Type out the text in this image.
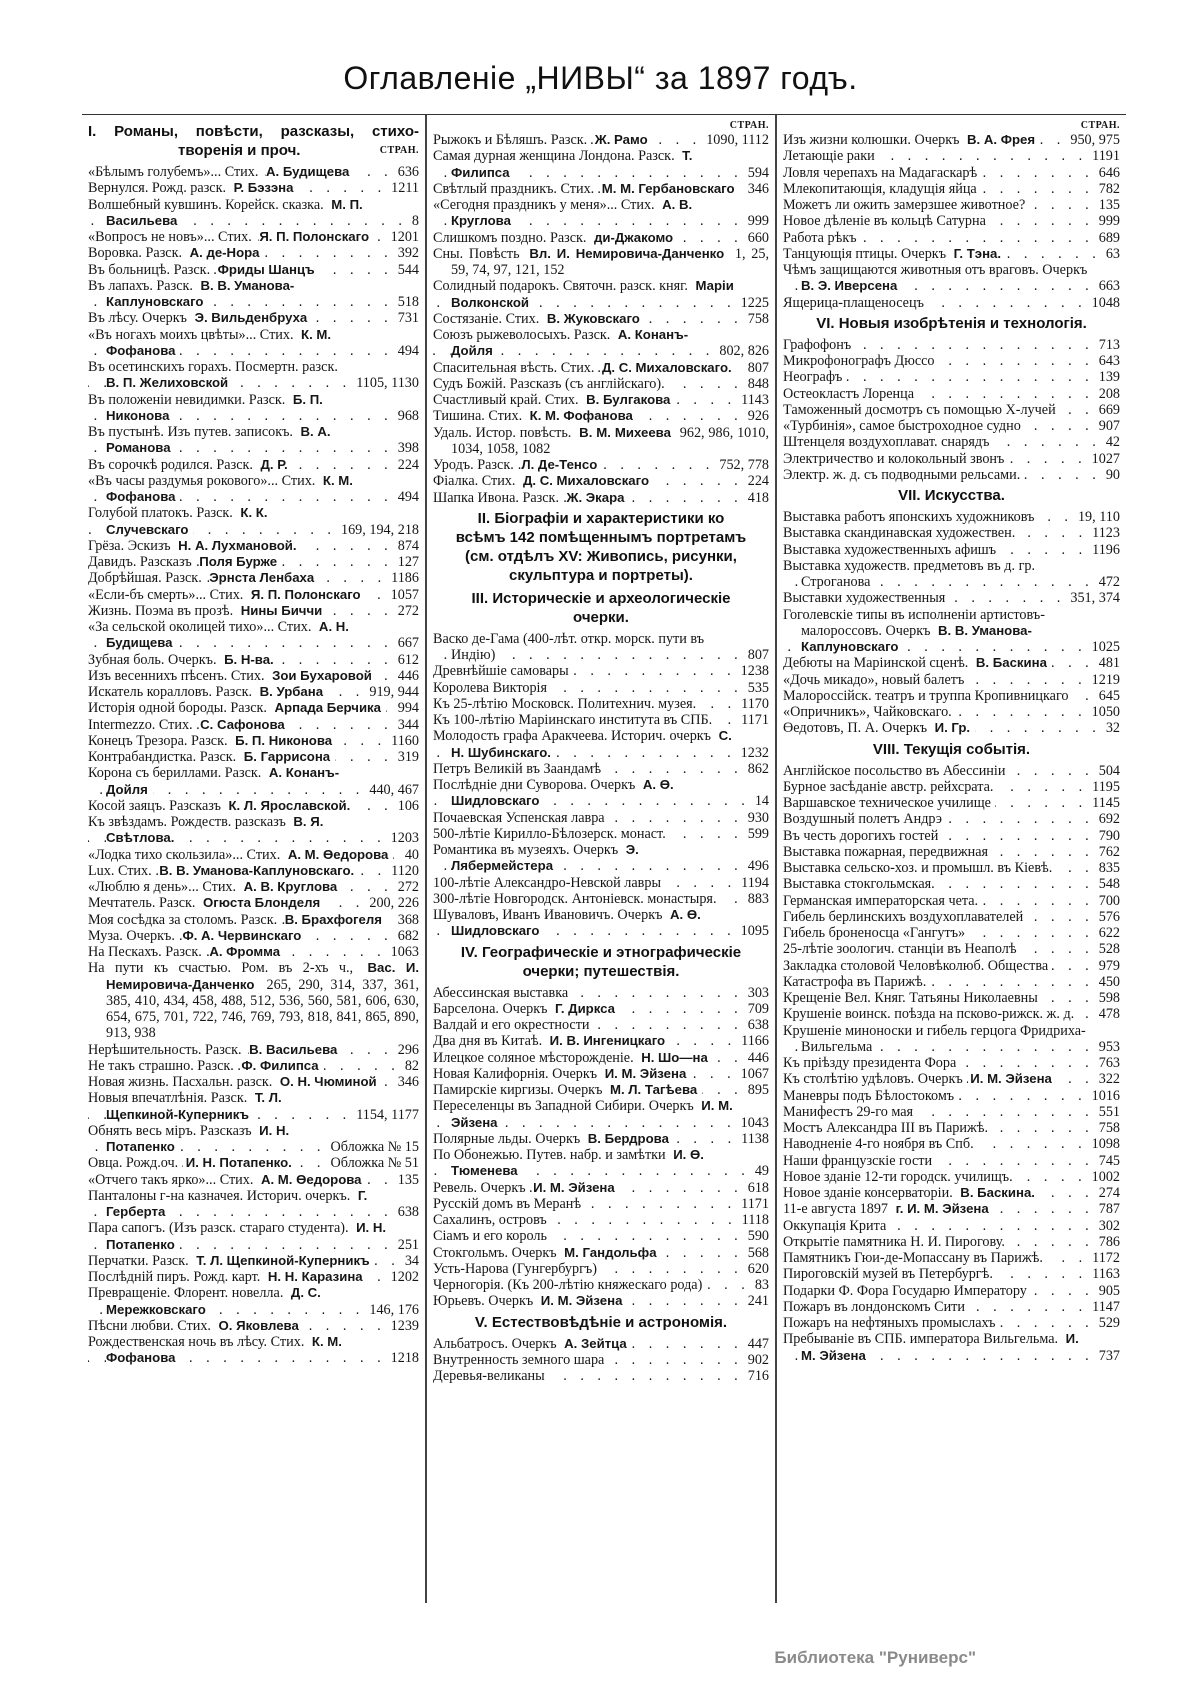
Оглавленіе „НИВЫ“ за 1897 годъ.
I. Романы, повѣсти, разсказы, стихо-
творенія и проч.	СТРАН.
«Бѣлымъ голубемъ»... Стих. А. Будищева . . .	636
Вернулся. Рожд. разск. Р. Бэзэна . . .	1211
Волшебный кувшинъ. Корейск. сказка. М. П. Васильева . . .	8
«Вопросъ не новъ»... Стих. Я. П. Полонскаго . . .	1201
Воровка. Разск. А. де-Нора . . .	392
Въ больницѣ. Разск. Фриды Шанцъ . . .	544
Въ лапахъ. Разск. В. В. Уманова-Каплуновскаго . . .	518
Въ лѣсу. Очеркъ Э. Вильденбруха . . .	731
«Въ ногахъ моихъ цвѣты»... Стих. К. М. Фофанова . . .	494
Въ осетинскихъ горахъ. Посмертн. разск. В. П. Желиховской . . .	1105, 1130
Въ положеніи невидимки. Разск. Б. П. Никонова . . .	968
Въ пустынѣ. Изъ путев. записокъ. В. А. Романова . . .	398
Въ сорочкѣ родился. Разск. Д. Р. . . .	224
«Въ часы раздумья рокового»... Стих. К. М. Фофанова . . .	494
Голубой платокъ. Разск. К. К. Случевскаго . . .	169, 194, 218
Грёза. Эскизъ Н. А. Лухмановой. . . .	874
Давидъ. Разсказъ Поля Бурже . . .	127
Добрѣйшая. Разск. Эрнста Ленбаха . . .	1186
«Если-бъ смерть»... Стих. Я. П. Полонскаго . . .	1057
Жизнь. Поэма въ прозѣ. Нины Биччи . . .	272
«За сельской околицей тихо»... Стих. А. Н. Будищева . . .	667
Зубная боль. Очеркъ. Б. Н-ва. . . .	612
Изъ весеннихъ пѣсенъ. Стих. Зои Бухаровой . . .	446
Искатель коралловъ. Разск. В. Урбана . . .	919, 944
Исторія одной бороды. Разск. Арпада Берчика . . .	994
Intermezzo. Стих. С. Сафонова . . .	344
Конецъ Трезора. Разск. Б. П. Никонова . . .	1160
Контрабандистка. Разск. Б. Гаррисона . . .	319
Корона съ бериллами. Разск. А. Конанъ-Дойля . . .	440, 467
Косой заяцъ. Разсказъ К. Л. Ярославской. . . .	106
Къ звѣздамъ. Рождеств. разсказъ В. Я. Свѣтлова. . . .	1203
«Лодка тихо скользила»... Стих. А. М. Өедорова . . .	40
Lux. Стих. В. В. Уманова-Каплуновскаго. . . .	1120
«Люблю я день»... Стих. А. В. Круглова . . .	272
Мечтатель. Разск. Огюста Блонделя . . .	200, 226
Моя сосѣдка за столомъ. Разск. В. Брахфогеля . . .	368
Муза. Очеркъ. Ф. А. Червинскаго . . .	682
На Пескахъ. Разск. А. Фромма . . .	1063
На пути къ счастью. Ром. въ 2-хъ ч., Вас. И. Немировича-Данченко 265, 290, 314, 337, 361, 385, 410, 434, 458, 488, 512, 536, 560, 581, 606, 630, 654, 675, 701, 722, 746, 769, 793, 818, 841, 865, 890, 913, 938
Нерѣшительность. Разск. В. Васильева . . .	296
Не такъ страшно. Разск. Ф. Филипса . . .	82
Новая жизнь. Пасхальн. разск. О. Н. Чюминой . . .	346
Новыя впечатлѣнія. Разск. Т. Л. Щепкиной-Куперникъ . . .	1154, 1177
Обнять весь міръ. Разсказъ И. Н. Потапенко . . .	Обложка № 15
Овца. Рожд.оч. И. Н. Потапенко. . . .	Обложка № 51
«Отчего такъ ярко»... Стих. А. М. Өедорова . . .	135
Панталоны г-на казначея. Историч. очеркъ. Г. Герберта . . .	638
Пара сапогъ. (Изъ разск. стараго студента). И. Н. Потапенко . . .	251
Перчатки. Разск. Т. Л. Щепкиной-Куперникъ . . .	34
Послѣдній пиръ. Рожд. карт. Н. Н. Каразина . . .	1202
Превращеніе. Флорент. новелла. Д. С. Мережковскаго . . .	146, 176
Пѣсни любви. Стих. О. Яковлева . . .	1239
Рождественская ночь въ лѣсу. Стих. К. М. Фофанова . . .	1218
СТРАН.
Рыжокъ и Бѣляшъ. Разск. Ж. Рамо . . .	1090, 1112
Самая дурная женщина Лондона. Разск. Т. Филипса . . .	594
Свѣтлый праздникъ. Стих. М. М. Гербановскаго . . . 346
«Сегодня праздникъ у меня»... Стих. А. В. Круглова . . .	999
Слишкомъ поздно. Разск. ди-Джакомо . . .	660
Сны. Повѣсть Вл. И. Немировича-Данченко 1, 25, 59, 74, 97, 121, 152
Солидный подарокъ. Святочн. разск. княг. Маріи Волконской . . .	1225
Состязаніе. Стих. В. Жуковскаго . . .	758
Союзъ рыжеволосыхъ. Разск. А. Конанъ-Дойля . . .	802, 826
Спасительная вѣсть. Стих. Д. С. Михаловскаго. . . .	807
Судъ Божій. Разсказъ (съ англійскаго). . . .	848
Счастливый край. Стих. В. Булгакова . . .	1143
Тишина. Стих. К. М. Фофанова . . .	926
Удаль. Истор. повѣсть. В. М. Михеева 962, 986, 1010, 1034, 1058, 1082
Уродъ. Разск. Л. Де-Тенсо . . .	752, 778
Фіалка. Стих. Д. С. Михаловскаго . . .	224
Шапка Ивона. Разск. Ж. Экара . . .	418
II. Біографіи и характеристики ко
всѣмъ 142 помѣщеннымъ портретамъ
(см. отдѣлъ XV: Живопись, рисунки,
скульптура и портреты).
III. Историческіе и археологическіе
очерки.
Васко де-Гама (400-лѣт. откр. морск. пути въ Индію) . . .	807
Древнѣйшіе самовары . . .	1238
Королева Викторія . . .	535
Къ 25-лѣтію Московск. Политехнич. музея. . . .	1170
Къ 100-лѣтію Маріинскаго института въ СПБ. . . .	1171
Молодость графа Аракчеева. Историч. очеркъ С. Н. Шубинскаго. . . .	1232
Петръ Великій въ Заандамѣ . . .	862
Послѣдніе дни Суворова. Очеркъ А. Ө. Шидловскаго . . .	14
Почаевская Успенская лавра . . .	930
500-лѣтіе Кирилло-Бѣлозерск. монаст. . . .	599
Романтика въ музеяхъ. Очеркъ Э. Лябермейстера . . .	496
100-лѣтіе Александро-Невской лавры . . .	1194
300-лѣтіе Новгородск. Антоніевск. монастыря. . . .	883
Шуваловъ, Иванъ Ивановичъ. Очеркъ А. Ө. Шидловскаго . . .	1095
IV. Географическіе и этнографическіе
очерки; путешествія.
Абессинская выставка . . .	303
Барселона. Очеркъ Г. Диркса . . .	709
Валдай и его окрестности . . .	638
Два дня въ Китаѣ. И. В. Ингеницкаго . . .	1166
Илецкое соляное мѣсторожденіе. Н. Шо—на . . .	446
Новая Калифорнія. Очеркъ И. М. Эйзена . . .	1067
Памирскіе киргизы. Очеркъ М. Л. Тагѣева . . .	895
Переселенцы въ Западной Сибири. Очеркъ И. М. Эйзена . . .	1043
Полярные льды. Очеркъ В. Бердрова . . .	1138
По Обонежью. Путев. набр. и замѣтки И. Ө. Тюменева . . .	49
Ревель. Очеркъ И. М. Эйзена . . .	618
Русскій домъ въ Меранѣ . . .	1171
Сахалинъ, островъ . . .	1118
Сіамъ и его король . . .	590
Стокгольмъ. Очеркъ М. Гандольфа . . .	568
Усть-Нарова (Гунгербургъ) . . .	620
Черногорія. (Къ 200-лѣтію княжескаго рода) . . .	83
Юрьевъ. Очеркъ И. М. Эйзена . . .	241
V. Естествовѣдѣніе и астрономія.
Альбатросъ. Очеркъ А. Зейтца . . .	447
Внутренность земного шара . . .	902
Деревья-великаны . . .	716
СТРАН.
Изъ жизни колюшки. Очеркъ В. А. Фрея . . .	950, 975
Летающіе раки . . .	1191
Ловля черепахъ на Мадагаскарѣ . . .	646
Млекопитающія, кладущія яйца . . .	782
Можетъ ли ожить замерзшее животное? . . .	135
Новое дѣленіе въ кольцѣ Сатурна . . .	999
Работа рѣкъ . . .	689
Танцующія птицы. Очеркъ Г. Тэна. . . .	63
Чѣмъ защищаются животныя отъ враговъ. Очеркъ В. Э. Иверсена . . .	663
Ящерица-плащеносецъ . . .	1048
VI. Новыя изобрѣтенія и технологія.
Графофонъ . . .	713
Микрофонографъ Дюссо . . .	643
Неографъ . . .	139
Остеокластъ Лоренца . . .	208
Таможенный досмотръ съ помощью Х-лучей . . .	669
«Турбинія», самое быстроходное судно . . .	907
Штенцеля воздухоплават. снарядъ . . .	42
Электричество и колокольный звонъ . . .	1027
Электр. ж. д. съ подводными рельсами. . . .	90
VII. Искусства.
Выставка работъ японскихъ художниковъ . . .	19, 110
Выставка скандинавская художествен. . . .	1123
Выставка художественныхъ афишъ . . .	1196
Выставка художеств. предметовъ въ д. гр. Строганова . . .	472
Выставки художественныя . . .	351, 374
Гоголевскіе типы въ исполненіи артистовъ-малороссовъ. Очеркъ В. В. Уманова-Каплуновскаго . . .	1025
Дебюты на Маріинской сценѣ. В. Баскина . . .	481
«Дочь микадо», новый балетъ . . .	1219
Малороссійск. театръ и труппа Кропивницкаго . . .	645
«Опричникъ», Чайковскаго. . . .	1050
Өедотовъ, П. А. Очеркъ И. Гр. . . .	32
VIII. Текущія событія.
Англійское посольство въ Абессиніи . . .	504
Бурное засѣданіе австр. рейхсрата. . . .	1195
Варшавское техническое училище . . .	1145
Воздушный полетъ Андрэ . . .	692
Въ честь дорогихъ гостей . . .	790
Выставка пожарная, передвижная . . .	762
Выставка сельско-хоз. и промышл. въ Кіевѣ. . . .	835
Выставка стокгольмская. . . .	548
Германская императорская чета. . . .	700
Гибель берлинскихъ воздухоплавателей . . .	576
Гибель броненосца «Гангутъ» . . .	622
25-лѣтіе зоологич. станціи въ Неаполѣ . . .	528
Закладка столовой Человѣколюб. Общества . . .	979
Катастрофа въ Парижѣ. . . .	450
Крещеніе Вел. Княг. Татьяны Николаевны . . .	598
Крушеніе воинск. поѣзда на псково-рижск. ж. д. . . .	478
Крушеніе миноноски и гибель герцога Фридриха-Вильгельма . . .	953
Къ пріѣзду президента Фора . . .	763
Къ столѣтію удѣловъ. Очеркъ И. М. Эйзена . . .	322
Маневры подъ Бѣлостокомъ . . .	1016
Манифестъ 29-го мая . . .	551
Мостъ Александра III въ Парижѣ. . . .	758
Наводненіе 4-го ноября въ Спб. . . .	1098
Наши французскіе гости . . .	745
Новое зданіе 12-ти городск. училищъ. . . .	1002
Новое зданіе консерваторіи. В. Баскина. . . .	274
11-е августа 1897 г. И. М. Эйзена . . .	787
Оккупація Крита . . .	302
Открытіе памятника Н. И. Пирогову. . . .	786
Памятникъ Гюи-де-Мопассану въ Парижѣ. . . .	1172
Пироговскій музей въ Петербургѣ. . . .	1163
Подарки Ф. Фора Государю Императору . . .	905
Пожаръ въ лондонскомъ Сити . . .	1147
Пожаръ на нефтяныхъ промыслахъ . . .	529
Пребываніе въ СПБ. императора Вильгельма. И. М. Эйзена . . .	737
Библиотека "Руниверс"
